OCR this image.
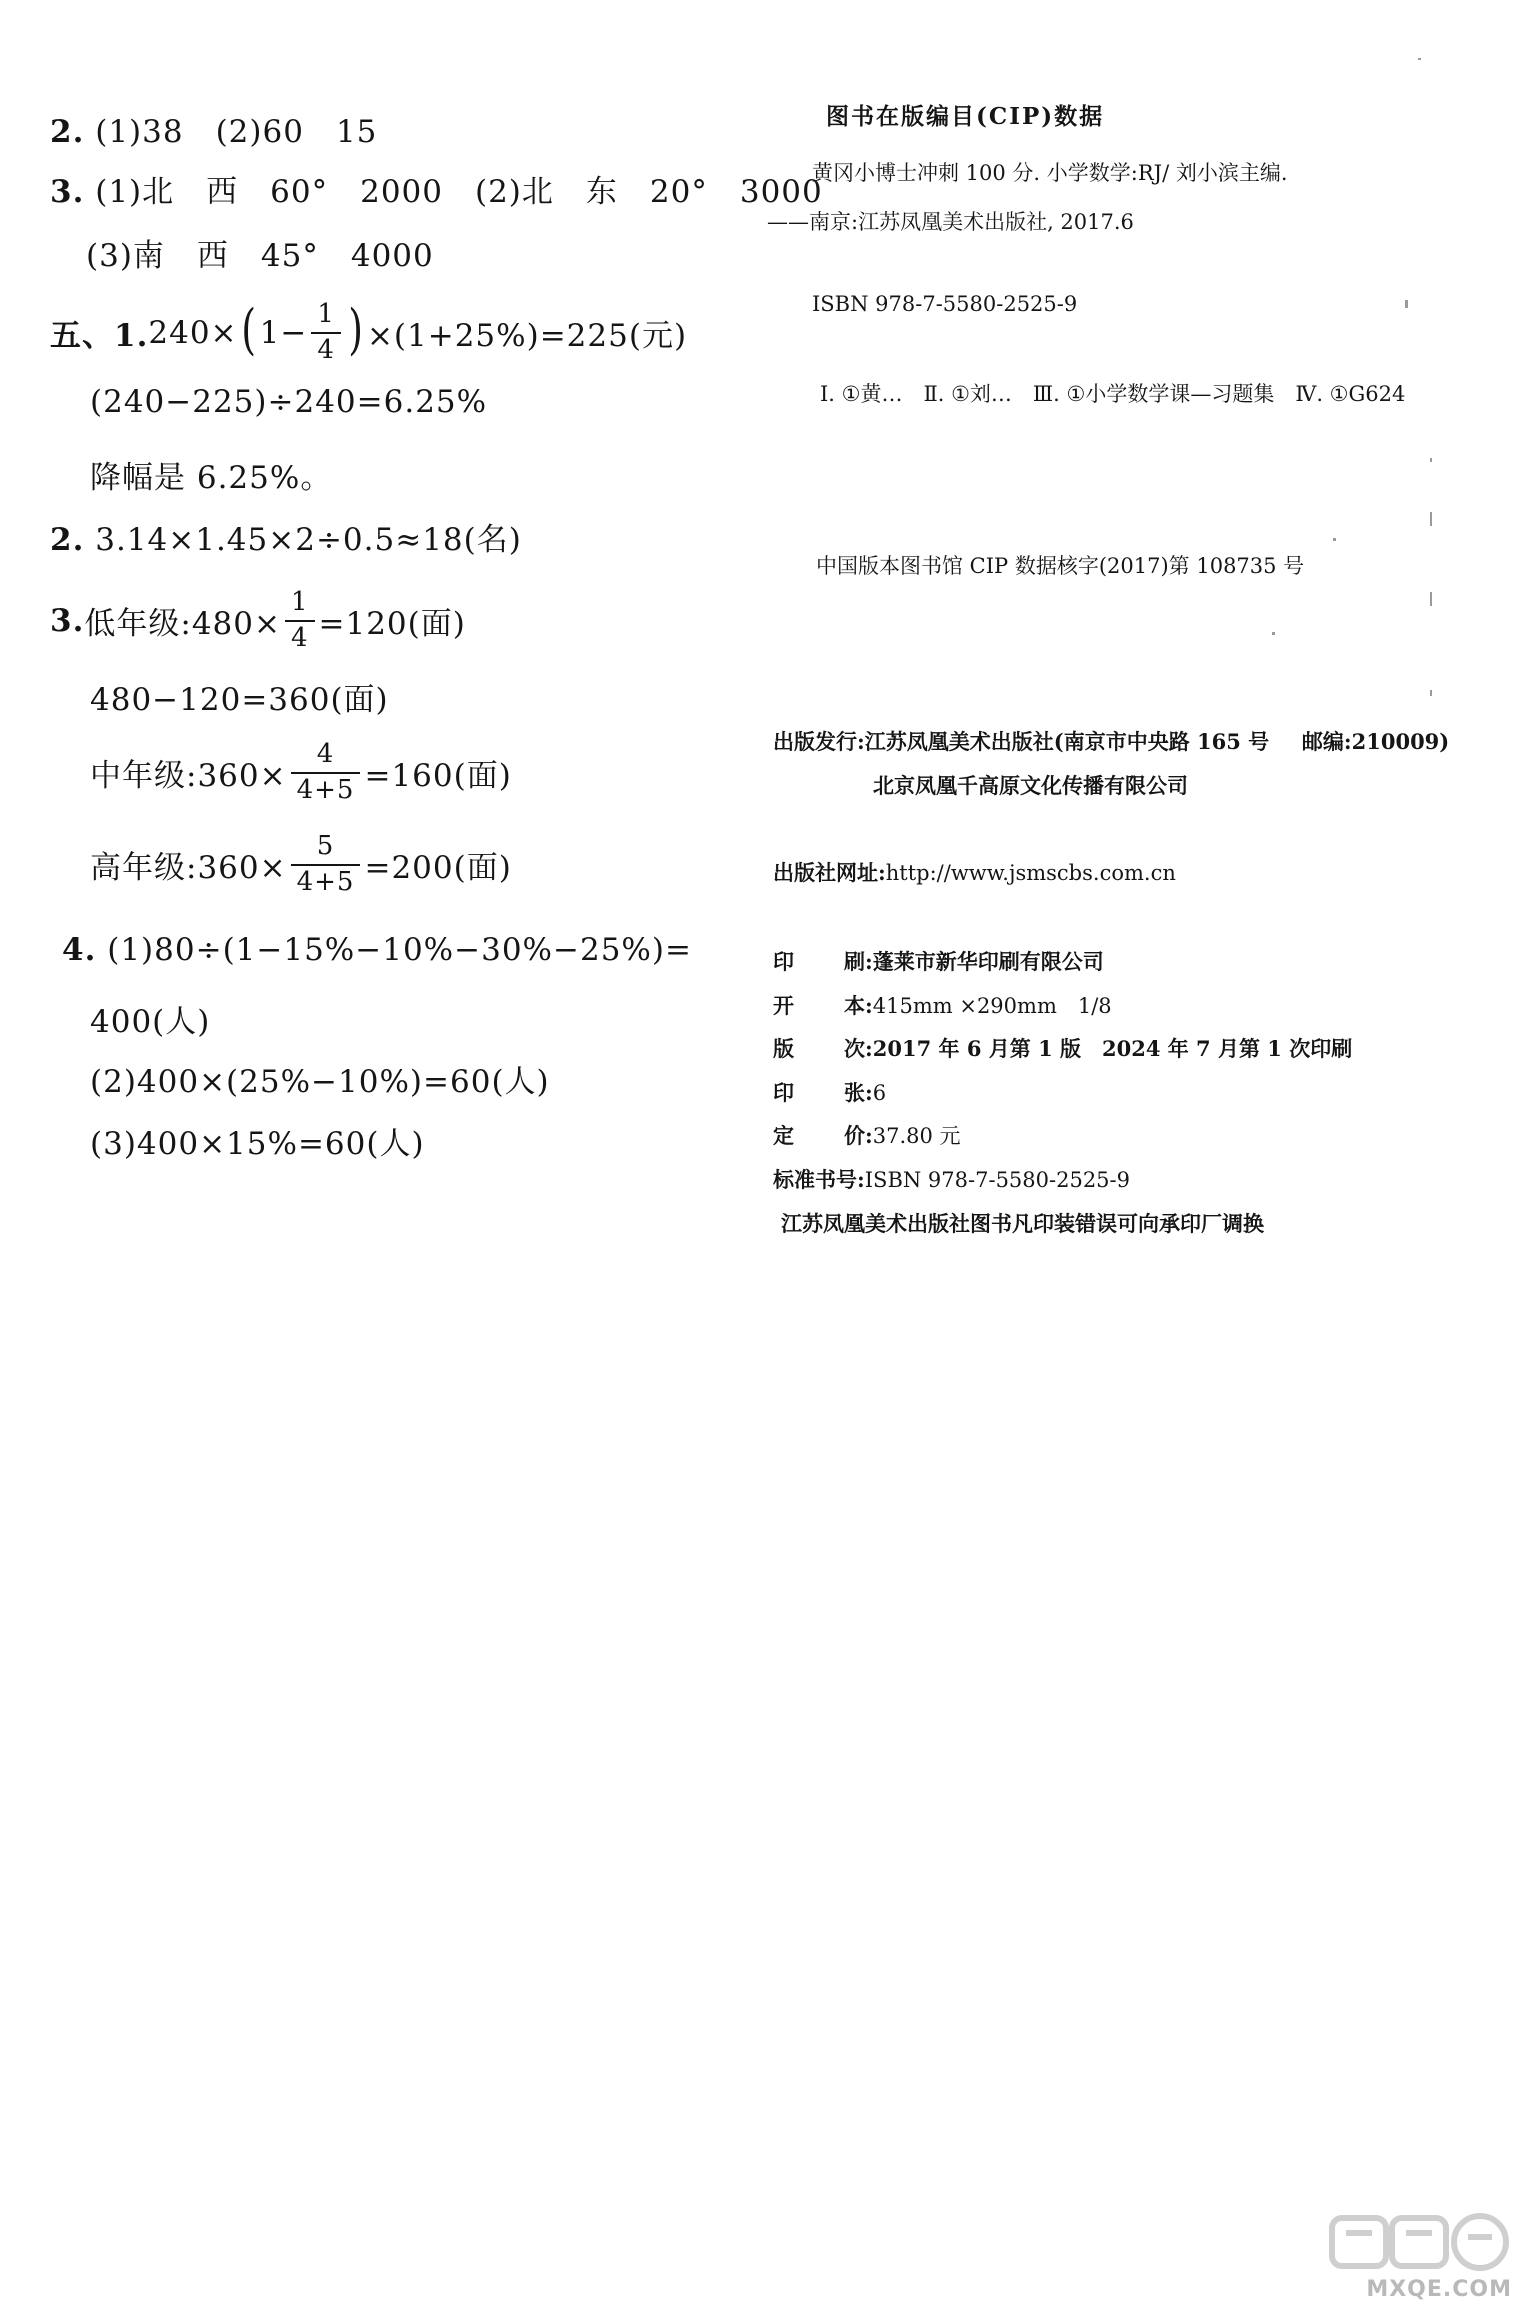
2. (1)38　(2)60　15
3. (1)北　西　60°　2000　(2)北　东　20°　3000
(3)南　西　45°　4000
五、1. 240× ( $1- \frac{1}{4}$ ) ×(1+25%)=225(元)
(240−225)÷240=6.25%
降幅是 6.25%。
2. 3.14×1.45×2÷0.5≈18(名)
3. 低年级:480× $\frac{1}{4} =120$(面)
480−120=360(面)
中年级:360× $\frac{4}{4+5} =160$(面)
高年级:360× $\frac{5}{4+5} =200$(面)
4. (1)80÷(1−15%−10%−30%−25%)=
400(人)
(2)400×(25%−10%)=60(人)
(3)400×15%=60(人)
图书在版编目(CIP)数据
黄冈小博士冲刺 100 分. 小学数学:RJ/ 刘小滨主编.
——南京:江苏凤凰美术出版社, 2017.6
ISBN 978-7-5580-2525-9
Ⅰ. ①黄…　Ⅱ. ①刘…　Ⅲ. ①小学数学课—习题集　Ⅳ. ①G624
中国版本图书馆 CIP 数据核字(2017)第 108735 号
出版发行:江苏凤凰美术出版社(南京市中央路 165 号 邮编:210009)
北京凤凰千高原文化传播有限公司
出版社网址:http://www.jsmscbs.com.cn
印刷:蓬莱市新华印刷有限公司
开本:415mm ×290mm　1/8
版次:2017 年 6 月第 1 版　2024 年 7 月第 1 次印刷
印张:6
定价:37.80 元
标准书号:ISBN 978-7-5580-2525-9
江苏凤凰美术出版社图书凡印装错误可向承印厂调换
MXQE.COM
